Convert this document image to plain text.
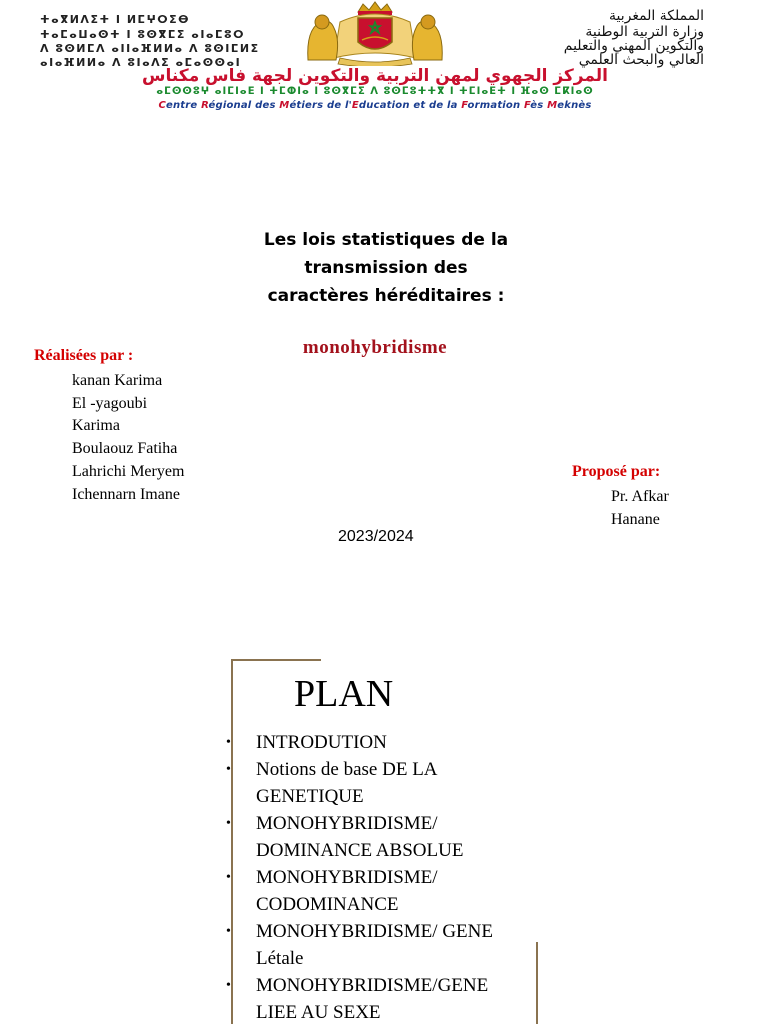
ⵜⴰⴳⵍⴷⵉⵜ ⵏ ⵍⵎⵖⵔⵉⴱ
ⵜⴰⵎⴰⵡⴰⵙⵜ ⵏ ⵓⵙⴳⵎⵉ ⴰⵏⴰⵎⵓⵔ
ⴷ ⵓⵙⵍⵎⴷ ⴰⵏⵏⴰⴼⵍⵍⴰ ⴷ ⵓⵙⵏⵎⵍⵉ
ⴰⵏⴰⴼⵍⵍⴰ ⴷ ⵓⵏⴰⴷⵉ ⴰⵎⴰⵙⵙⴰⵏ
المملكة المغربية
وزارة التربية الوطنية
والتكوين المهني والتعليم
العالي والبحث العلمي
المركز الجهوي لمهن التربية والتكوين لجهة فاس مكناس
ⴰⵎⵙⵙⵓⵖ ⴰⵏⵎⵏⴰⴹ ⵏ ⵜⵎⵀⵏⴰ ⵏ ⵓⵙⴳⵎⵉ ⴷ ⵓⵙⵎⵓⵜⵜⴳ ⵏ ⵜⵎⵏⴰⴹⵜ ⵏ ⴼⴰⵙ ⵎⴽⵏⴰⵙ
Centre Régional des Métiers de l'Education et de la Formation Fès Meknès
Les lois statistiques de la
transmission des
caractères héréditaires :
monohybridisme
Réalisées par :
kanan Karima
El -yagoubi
Karima
Boulaouz Fatiha
Lahrichi Meryem
Ichennarn Imane
Proposé par:
Pr. Afkar
Hanane
2023/2024
PLAN
• INTRODUTION
• Notions de base DE LA
GENETIQUE
• MONOHYBRIDISME/
DOMINANCE ABSOLUE
• MONOHYBRIDISME/
CODOMINANCE
• MONOHYBRIDISME/ GENE
Létale
• MONOHYBRIDISME/GENE
LIEE AU SEXE
